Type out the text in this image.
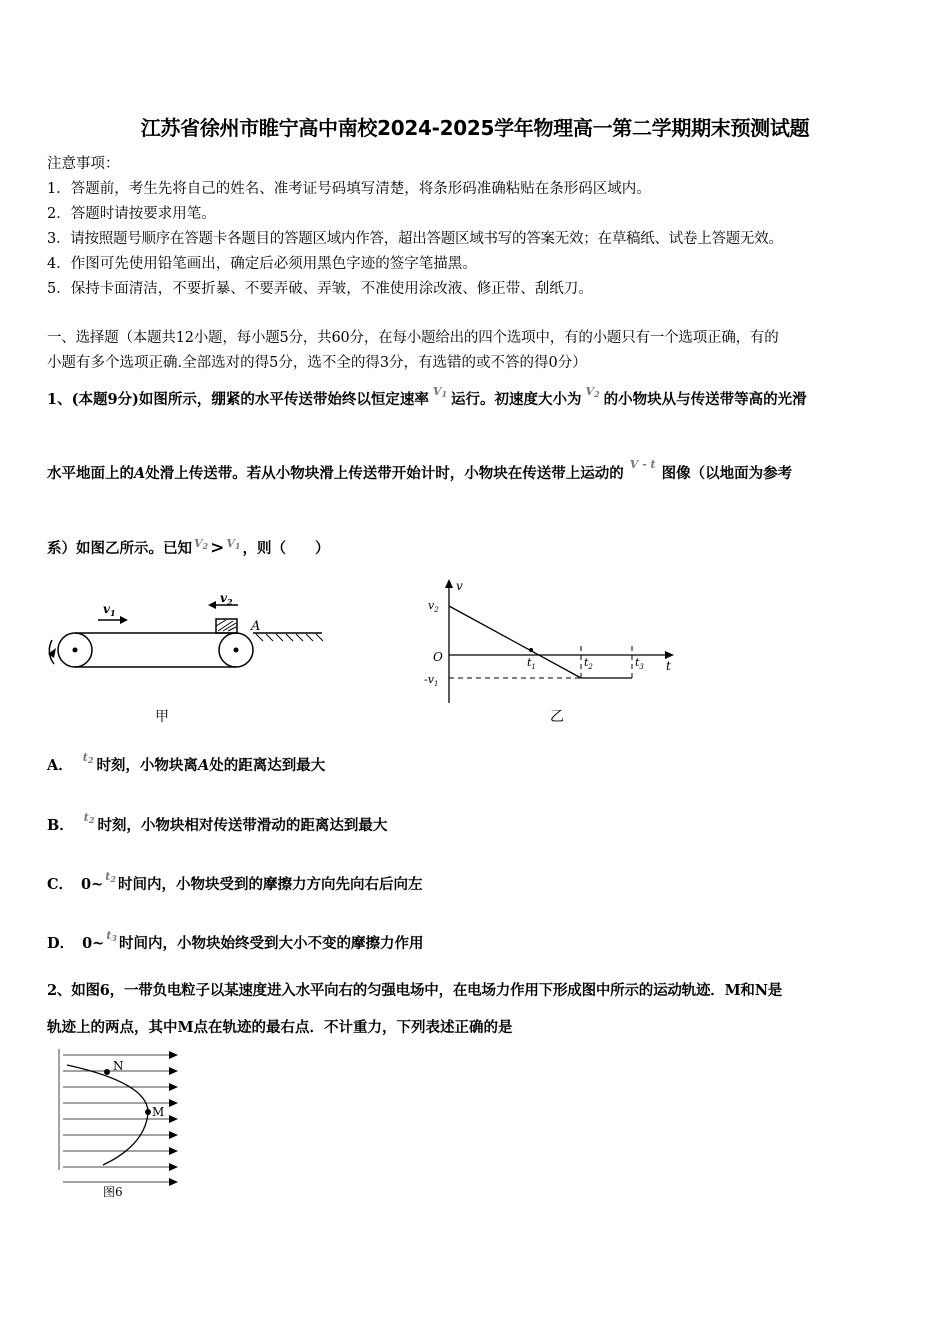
江苏省徐州市睢宁高中南校2024-2025学年物理高一第二学期期末预测试题
注意事项：
1．答题前，考生先将自己的姓名、准考证号码填写清楚，将条形码准确粘贴在条形码区域内。
2．答题时请按要求用笔。
3．请按照题号顺序在答题卡各题目的答题区域内作答，超出答题区域书写的答案无效；在草稿纸、试卷上答题无效。
4．作图可先使用铅笔画出，确定后必须用黑色字迹的签字笔描黑。
5．保持卡面清洁，不要折暴、不要弄破、弄皱，不准使用涂改液、修正带、刮纸刀。
一、选择题（本题共12小题，每小题5分，共60分，在每小题给出的四个选项中，有的小题只有一个选项正确，有的
小题有多个选项正确.全部选对的得5分，选不全的得3分，有选错的或不答的得0分）
1、(本题9分)如图所示，绷紧的水平传送带始终以恒定速率 $^{V_1}$ 运行。初速度大小为 $^{V_2}$ 的小物块从与传送带等高的光滑
水平地面上的A处滑上传送带。若从小物块滑上传送带开始计时，小物块在传送带上运动的$^{V - t}$图像（以地面为参考
系）如图乙所示。已知 $^{V_2}$ > $^{V_1}$ ，则（　　）
$v_1$
$v_2$
A
甲
v
t
O
$v_2$
$-v_1$
$t_1$	$t_2$	$t_3$
乙
A． $^{t_2}$ 时刻，小物块离A处的距离达到最大
B． $^{t_2}$ 时刻，小物块相对传送带滑动的距离达到最大
C． 0~ $^{t_2}$ 时间内，小物块受到的摩擦力方向先向右后向左
D． 0~ $^{t_3}$ 时间内，小物块始终受到大小不变的摩擦力作用
2、如图6，一带负电粒子以某速度进入水平向右的匀强电场中，在电场力作用下形成图中所示的运动轨迹．M和N是
轨迹上的两点，其中M点在轨迹的最右点．不计重力，下列表述正确的是
N
M
图6
